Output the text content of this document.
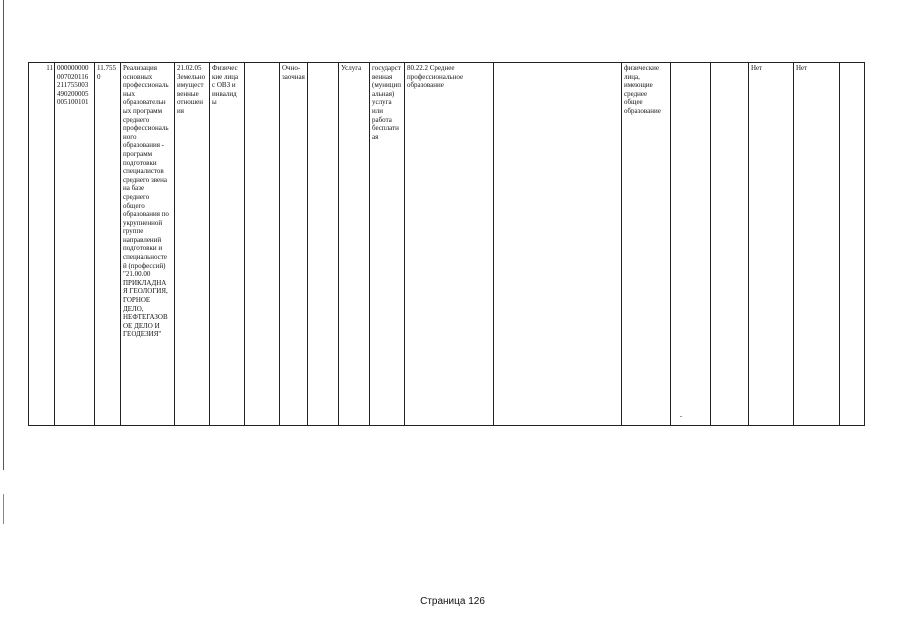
11	000000000
007020116
211755003
490200005
005100101	11.755
0	Реализация
основных
профессиональ
ных
образовательн
ых программ
среднего
профессиональ
ного
образования -
программ
подготовки
специалистов
среднего звена
на базе
среднего
общего
образования по
укрупненной
группе
направлений
подготовки и
специальносте
й (профессий)
"21.00.00
ПРИКЛАДНА
Я ГЕОЛОГИЯ,
ГОРНОЕ
ДЕЛО,
НЕФТЕГАЗОВ
ОЕ ДЕЛО И
ГЕОДЕЗИЯ"	21.02.05
Земельно
имущест
венные
отношен
ия	Физичес
кие лица
с ОВЗ и
инвалид
ы		Очно-
заочная		Услуга	государст
венная
(муницип
альная)
услуга
или
работа
бесплатн
ая	80.22.2 Среднее
профессиональное
образование		физические
лица,
имеющие
среднее
общее
образование			Нет	Нет	
Страница 126
